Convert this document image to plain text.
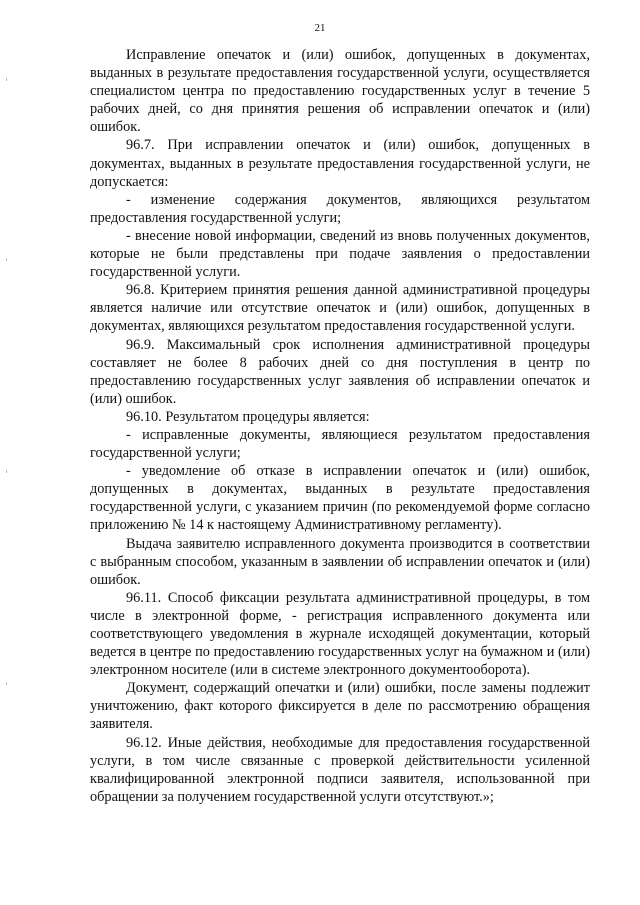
21

Исправление опечаток и (или) ошибок, допущенных в документах, выданных в результате предоставления государственной услуги, осуществляется специалистом центра по предоставлению государственных услуг в течение 5 рабочих дней, со дня принятия решения об исправлении опечаток и (или) ошибок.

96.7. При исправлении опечаток и (или) ошибок, допущенных в документах, выданных в результате предоставления государственной услуги, не допускается:

- изменение содержания документов, являющихся результатом предоставления государственной услуги;

- внесение новой информации, сведений из вновь полученных документов, которые не были представлены при подаче заявления о предоставлении государственной услуги.

96.8. Критерием принятия решения данной административной процедуры является наличие или отсутствие опечаток и (или) ошибок, допущенных в документах, являющихся результатом предоставления государственной услуги.

96.9. Максимальный срок исполнения административной процедуры составляет не более 8 рабочих дней со дня поступления в центр по предоставлению государственных услуг заявления об исправлении опечаток и (или) ошибок.

96.10. Результатом процедуры является:

- исправленные документы, являющиеся результатом предоставления государственной услуги;

- уведомление об отказе в исправлении опечаток и (или) ошибок, допущенных в документах, выданных в результате предоставления государственной услуги, с указанием причин (по рекомендуемой форме согласно приложению № 14 к настоящему Административному регламенту).

Выдача заявителю исправленного документа производится в соответствии с выбранным способом, указанным в заявлении об исправлении опечаток и (или) ошибок.

96.11. Способ фиксации результата административной процедуры, в том числе в электронной форме, - регистрация исправленного документа или соответствующего уведомления в журнале исходящей документации, который ведется в центре по предоставлению государственных услуг на бумажном и (или) электронном носителе (или в системе электронного документооборота).

Документ, содержащий опечатки и (или) ошибки, после замены подлежит уничтожению, факт которого фиксируется в деле по рассмотрению обращения заявителя.

96.12. Иные действия, необходимые для предоставления государственной услуги, в том числе связанные с проверкой действительности усиленной квалифицированной электронной подписи заявителя, использованной при обращении за получением государственной услуги отсутствуют.»;
